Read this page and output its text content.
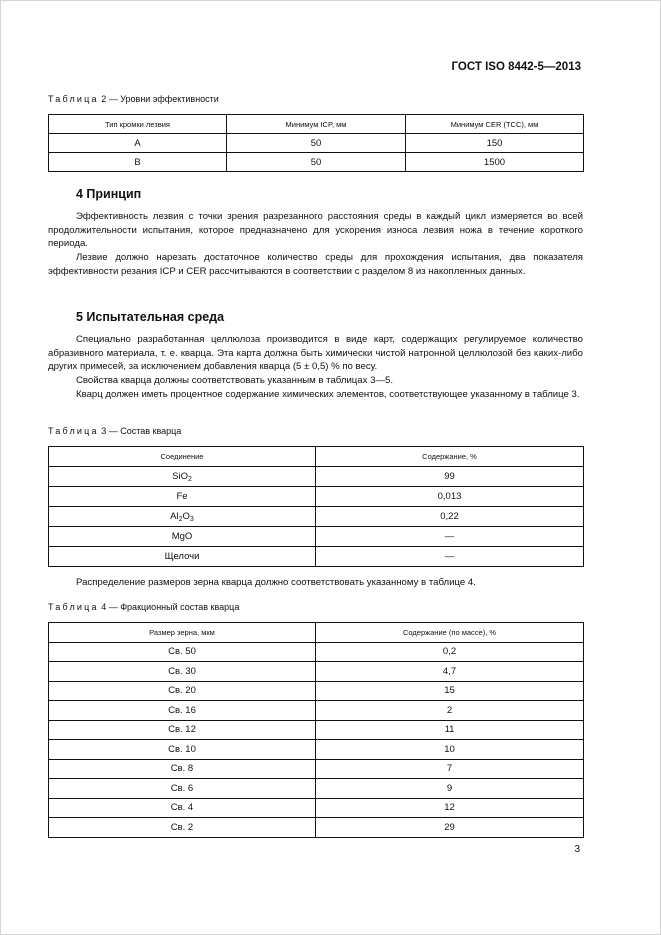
ГОСТ ISO 8442-5—2013
Таблица 2 — Уровни эффективности
Тип кромки лезвия	Минимум ICP, мм	Минимум CER (TCC), мм
A	50	150
B	50	1500
4 Принцип

Эффективность лезвия с точки зрения разрезанного расстояния среды в каждый цикл измеряется во всей продолжительности испытания, которое предназначено для ускорения износа лезвия ножа в течение короткого периода.

Лезвие должно нарезать достаточное количество среды для прохождения испытания, два показателя эффективности резания ICP и CER рассчитываются в соответствии с разделом 8 из накопленных данных.

5 Испытательная среда

Специально разработанная целлюлоза производится в виде карт, содержащих регулируемое количество абразивного материала, т. е. кварца. Эта карта должна быть химически чистой натронной целлюлозой без каких-либо других примесей, за исключением добавления кварца (5 ± 0,5) % по весу.

Свойства кварца должны соответствовать указанным в таблицах 3—5.

Кварц должен иметь процентное содержание химических элементов, соответствующее указанному в таблице 3.

Таблица 3 — Состав кварца
Соединение	Содержание, %
SiO$_2$	99
Fe	0,013
$Al_2O_3$	0,22
MgO	—
Щелочи	—

Распределение размеров зерна кварца должно соответствовать указанному в таблице 4.

Таблица 4 — Фракционный состав кварца
Размер зерна, мкм	Содержание (по массе), %
Св. 50	0,2
Св. 30	4,7
Св. 20	15
Св. 16	2
Св. 12	11
Св. 10	10
Св. 8	7
Св. 6	9
Св. 4	12
Св. 2	29
3
